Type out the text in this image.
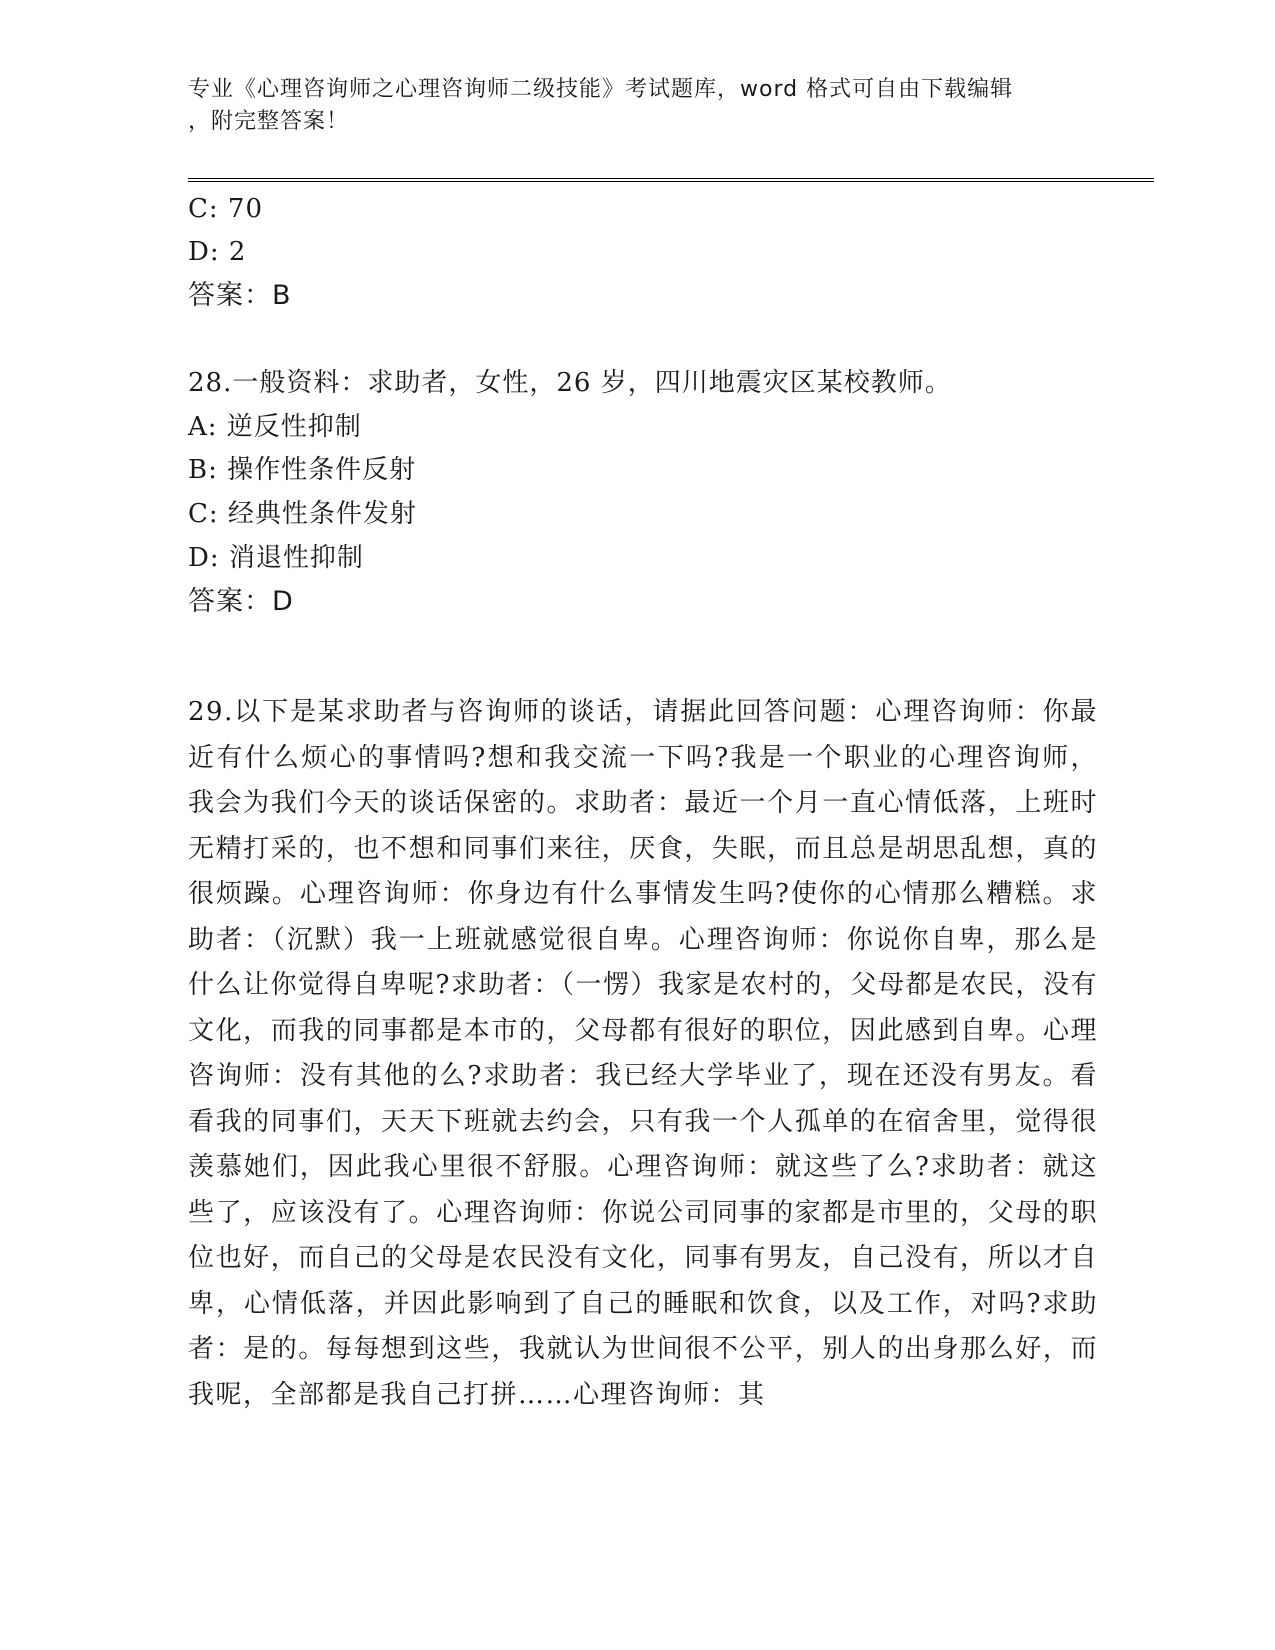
专业《心理咨询师之心理咨询师二级技能》考试题库，word 格式可自由下载编辑
，附完整答案！
C: 70
D: 2
答案：B
28.一般资料：求助者，女性，26 岁，四川地震灾区某校教师。
A: 逆反性抑制
B: 操作性条件反射
C: 经典性条件发射
D: 消退性抑制
答案：D
29.以下是某求助者与咨询师的谈话，请据此回答问题：心理咨询师：你最近有什么烦心的事情吗?想和我交流一下吗?我是一个职业的心理咨询师，我会为我们今天的谈话保密的。求助者：最近一个月一直心情低落，上班时无精打采的，也不想和同事们来往，厌食，失眠，而且总是胡思乱想，真的很烦躁。心理咨询师：你身边有什么事情发生吗?使你的心情那么糟糕。求助者：（沉默）我一上班就感觉很自卑。心理咨询师：你说你自卑，那么是什么让你觉得自卑呢?求助者：（一愣）我家是农村的，父母都是农民，没有文化，而我的同事都是本市的，父母都有很好的职位，因此感到自卑。心理咨询师：没有其他的么?求助者：我已经大学毕业了，现在还没有男友。看看我的同事们，天天下班就去约会，只有我一个人孤单的在宿舍里，觉得很羡慕她们，因此我心里很不舒服。心理咨询师：就这些了么?求助者：就这些了，应该没有了。心理咨询师：你说公司同事的家都是市里的，父母的职位也好，而自己的父母是农民没有文化，同事有男友，自己没有，所以才自卑，心情低落，并因此影响到了自己的睡眠和饮食，以及工作，对吗?求助者：是的。每每想到这些，我就认为世间很不公平，别人的出身那么好，而我呢，全部都是我自己打拼……心理咨询师：其
